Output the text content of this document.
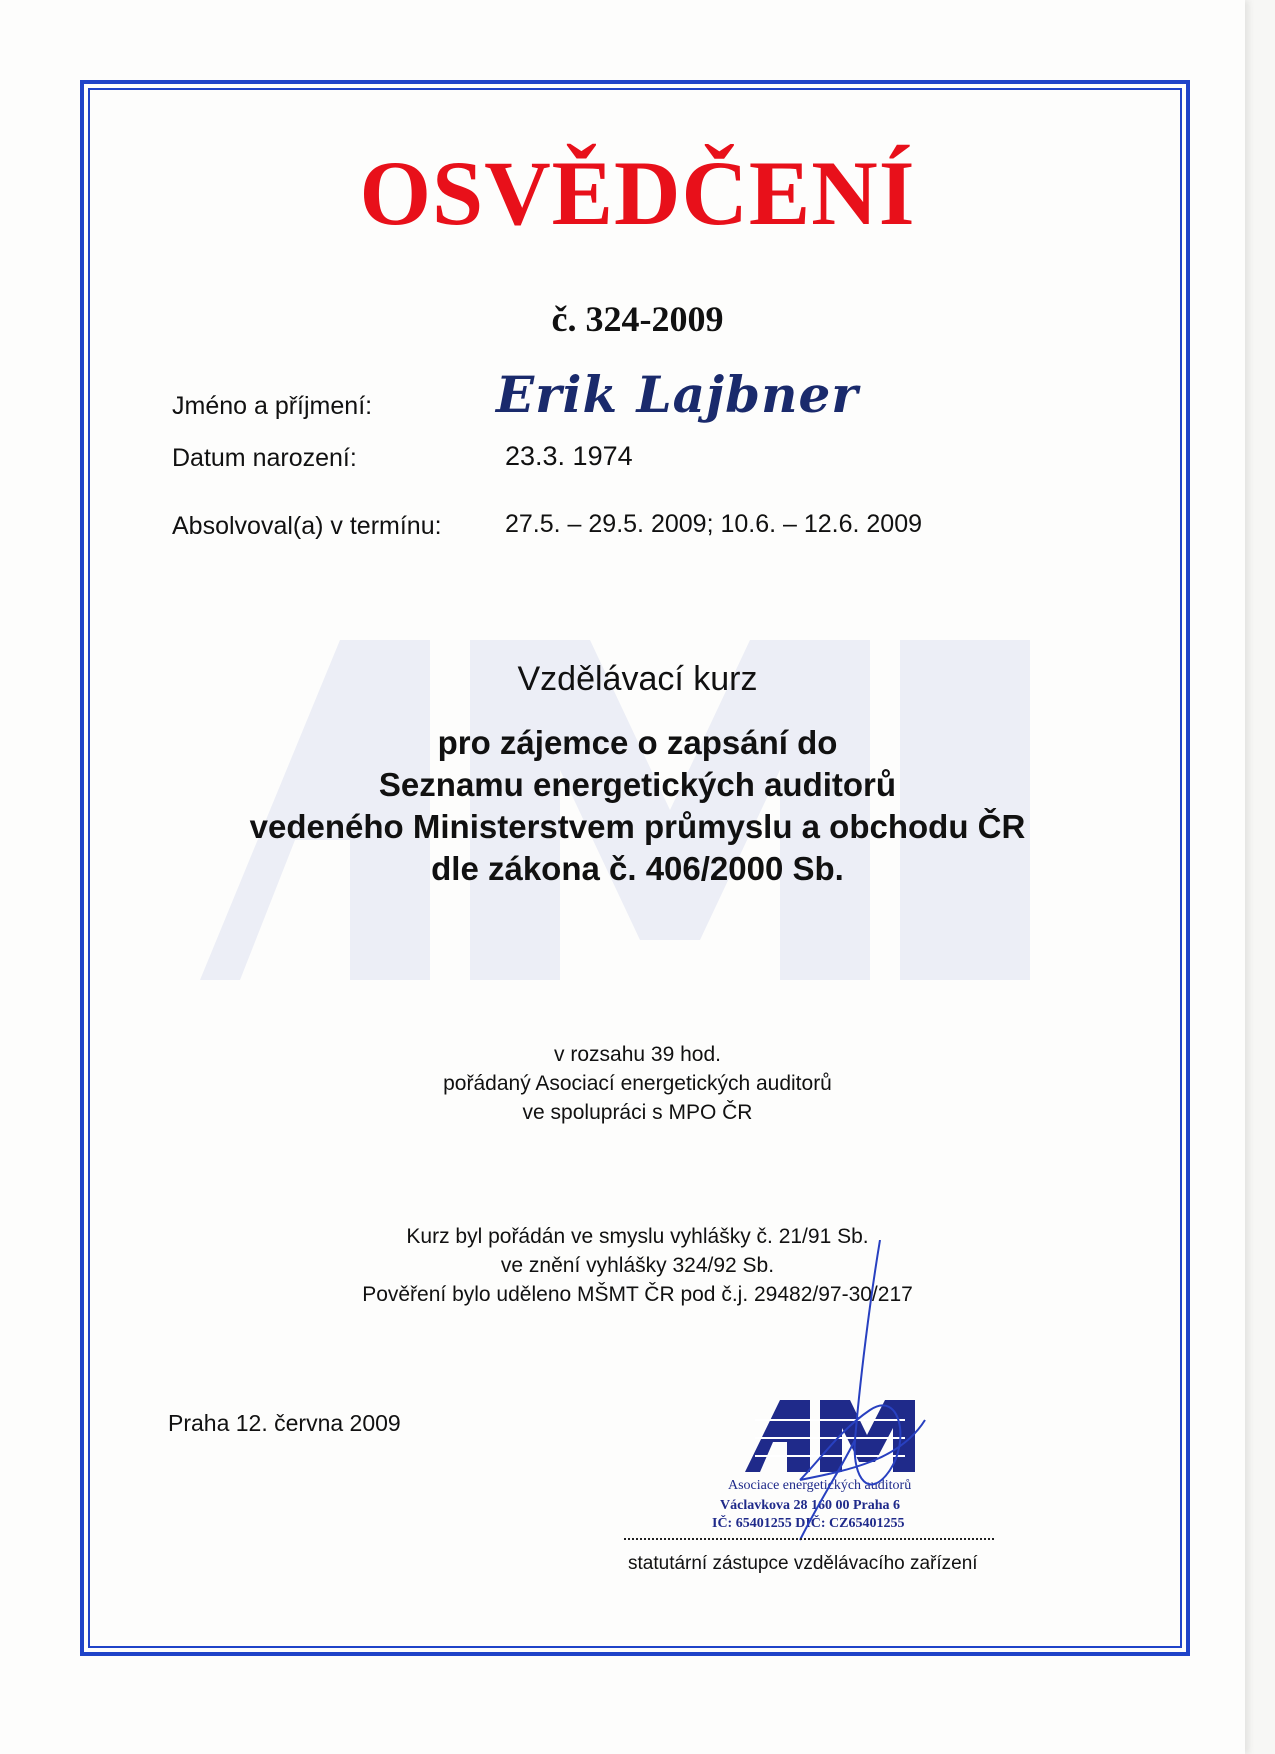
OSVĚDČENÍ
č. 324-2009
Jméno a příjmení: Erik Lajbner
Datum narození:	23.3. 1974
Absolvoval(a) v termínu:	27.5. – 29.5. 2009; 10.6. – 12.6. 2009
Vzdělávací kurz
pro zájemce o zapsání do
Seznamu energetických auditorů
vedeného Ministerstvem průmyslu a obchodu ČR
dle zákona č. 406/2000 Sb.
v rozsahu 39 hod.
pořádaný Asociací energetických auditorů
ve spolupráci s MPO ČR
Kurz byl pořádán ve smyslu vyhlášky č. 21/91 Sb.
ve znění vyhlášky 324/92 Sb.
Pověření bylo uděleno MŠMT ČR pod č.j. 29482/97-30/217
Praha 12. června 2009
Asociace energetických auditorů
Václavkova 28 160 00 Praha 6
IČ: 65401255 DIČ: CZ65401255
statutární zástupce vzdělávacího zařízení
